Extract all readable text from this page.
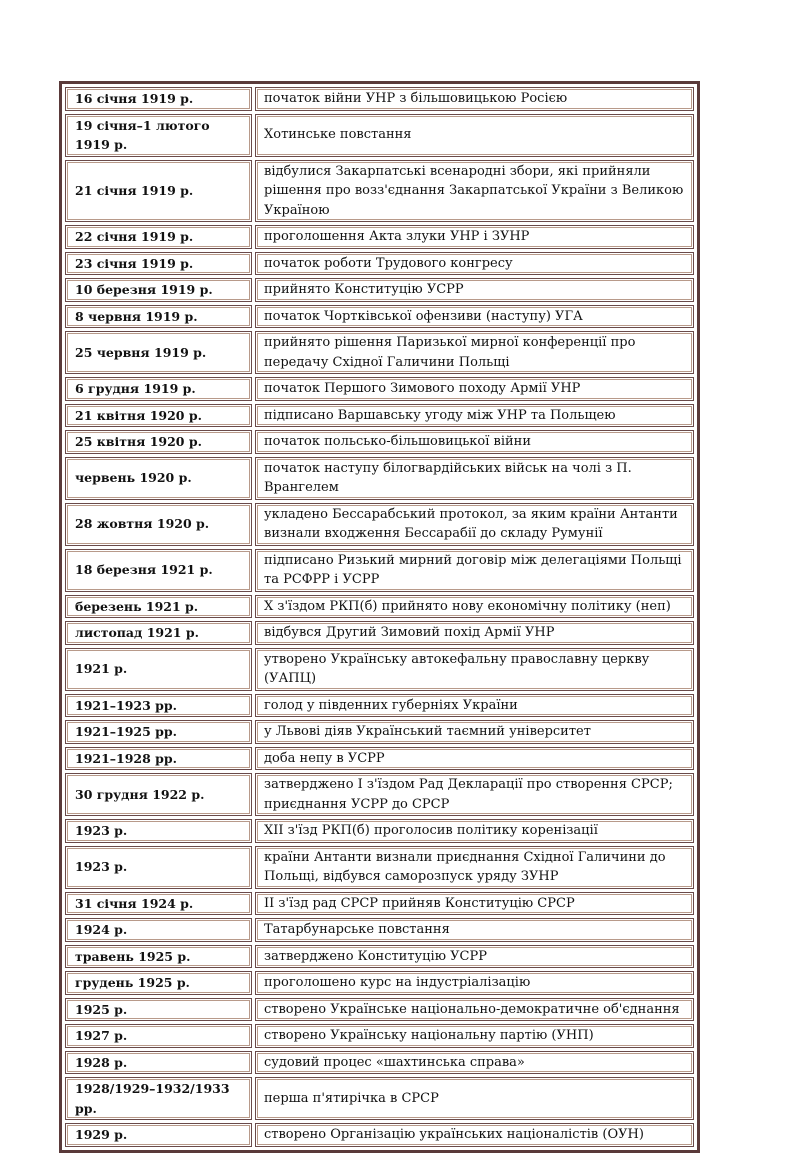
16 січня 1919 р.	початок війни УНР з більшовицькою Росією
19 січня–1 лютого 1919 р.	Хотинське повстання
21 січня 1919 р.	відбулися Закарпатські всенародні збори, які прийняли рішення про возз'єднання Закарпатської України з Великою Україною
22 січня 1919 р.	проголошення Акта злуки УНР і ЗУНР
23 січня 1919 р.	початок роботи Трудового конгресу
10 березня 1919 р.	прийнято Конституцію УСРР
8 червня 1919 р.	початок Чортківської офензиви (наступу) УГА
25 червня 1919 р.	прийнято рішення Паризької мирної конференції про передачу Східної Галичини Польщі
6 грудня 1919 р.	початок Першого Зимового походу Армії УНР
21 квітня 1920 р.	підписано Варшавську угоду між УНР та Польщею
25 квітня 1920 р.	початок польсько-більшовицької війни
червень 1920 р.	початок наступу білогвардійських військ на чолі з П. Врангелем
28 жовтня 1920 р.	укладено Бессарабський протокол, за яким країни Антанти визнали входження Бессарабії до складу Румунії
18 березня 1921 р.	підписано Ризький мирний договір між делегаціями Польщі та РСФРР і УСРР
березень 1921 р.	X з'їздом РКП(б) прийнято нову економічну політику (неп)
листопад 1921 р.	відбувся Другий Зимовий похід Армії УНР
1921 р.	утворено Українську автокефальну православну церкву (УАПЦ)
1921–1923 рр.	голод у південних губерніях України
1921–1925 рр.	у Львові діяв Український таємний університет
1921–1928 рр.	доба непу в УСРР
30 грудня 1922 р.	затверджено I з'їздом Рад Декларації про створення СРСР; приєднання УСРР до СРСР
1923 р.	XII з'їзд РКП(б) проголосив політику коренізації
1923 р.	країни Антанти визнали приєднання Східної Галичини до Польщі, відбувся саморозпуск уряду ЗУНР
31 січня 1924 р.	II з'їзд рад СРСР прийняв Конституцію СРСР
1924 р.	Татарбунарське повстання
травень 1925 р.	затверджено Конституцію УСРР
грудень 1925 р.	проголошено курс на індустріалізацію
1925 р.	створено Українське національно-демократичне об'єднання
1927 р.	створено Українську національну партію (УНП)
1928 р.	судовий процес «шахтинська справа»
1928/1929–1932/1933 рр.	перша п'ятирічка в СРСР
1929 р.	створено Організацію українських націоналістів (ОУН)
